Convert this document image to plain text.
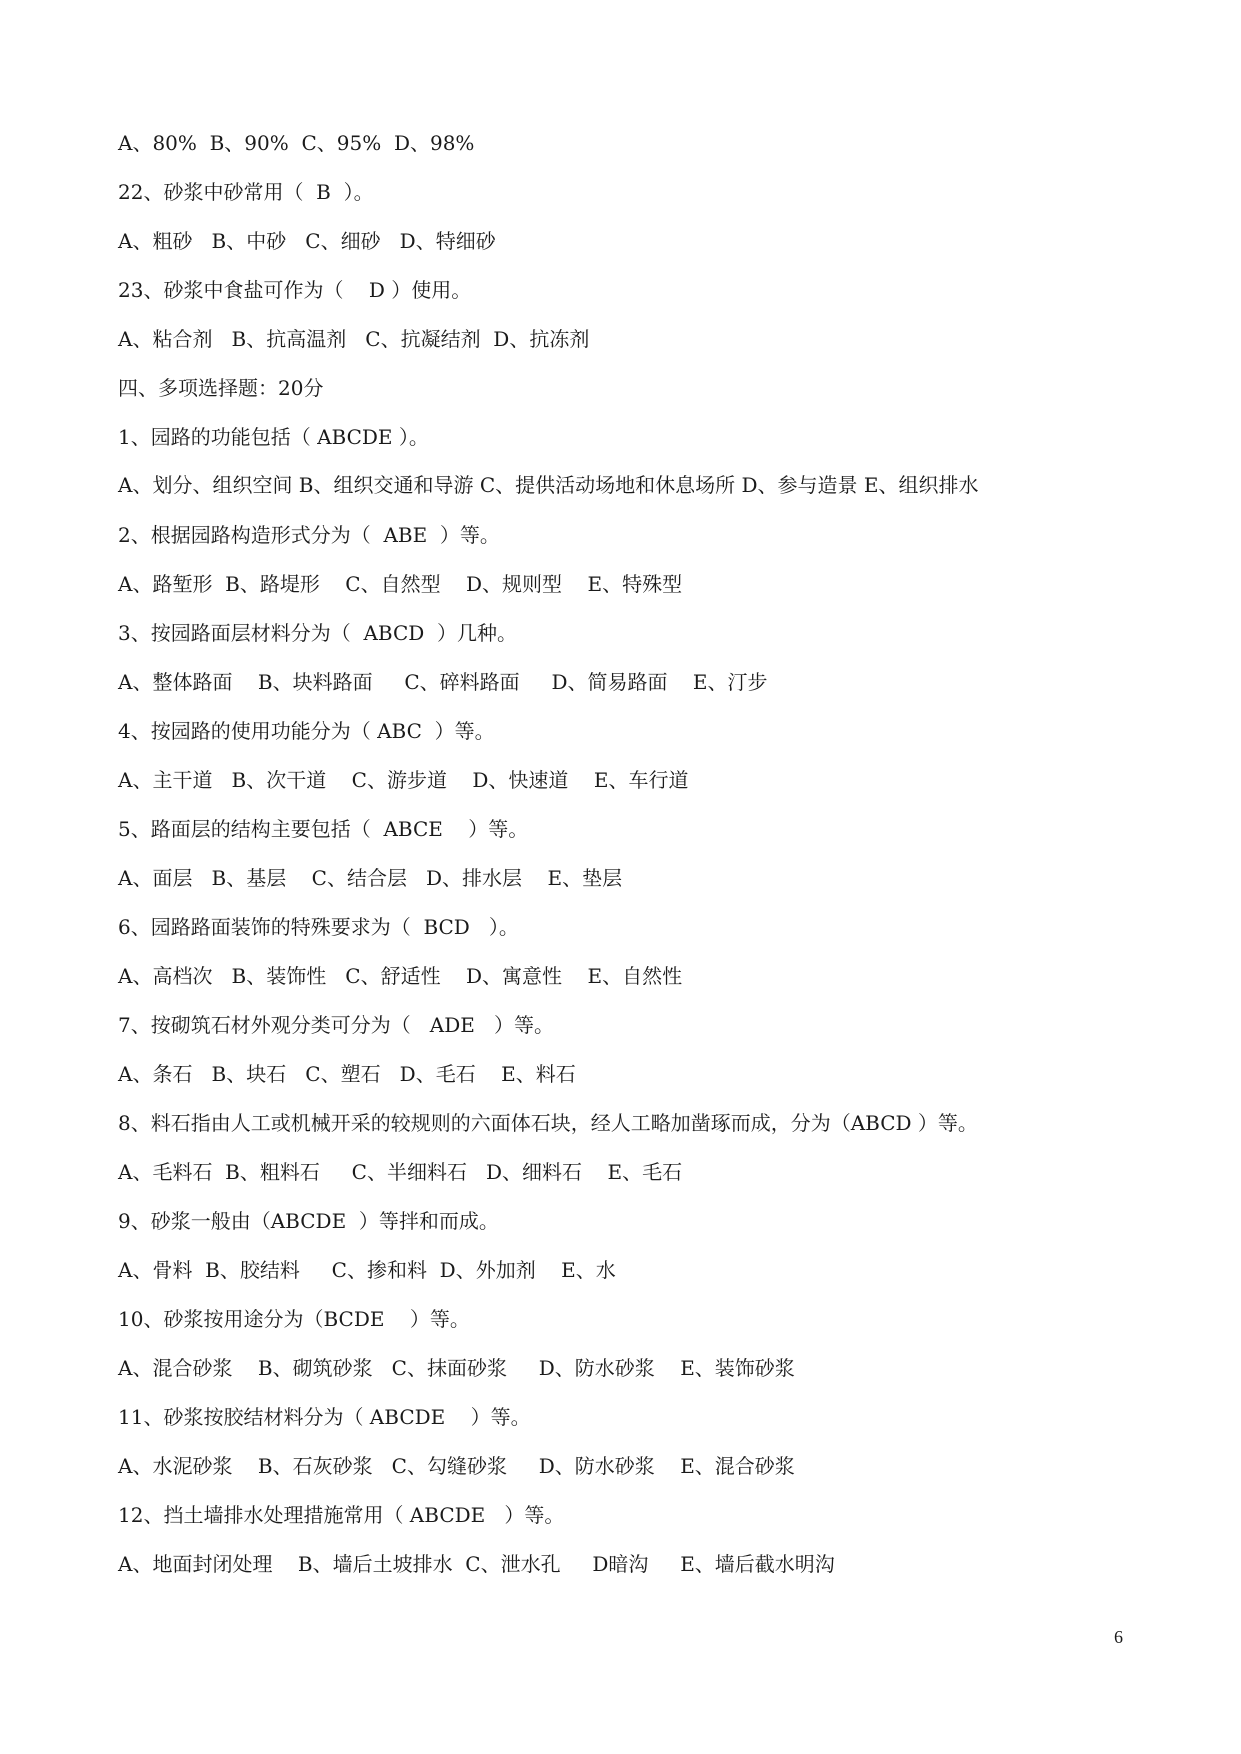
A、80%  B、90%  C、95%  D、98%
22、砂浆中砂常用（  B  ）。
A、粗砂   B、中砂   C、细砂   D、特细砂
23、砂浆中食盐可作为（    D ）使用。
A、粘合剂   B、抗高温剂   C、抗凝结剂  D、抗冻剂
四、多项选择题：20分
1、园路的功能包括（ ABCDE ）。
A、划分、组织空间 B、组织交通和导游 C、提供活动场地和休息场所 D、参与造景 E、组织排水
2、根据园路构造形式分为（  ABE  ）等。
A、路堑形  B、路堤形    C、自然型    D、规则型    E、特殊型
3、按园路面层材料分为（  ABCD  ）几种。
A、整体路面    B、块料路面     C、碎料路面     D、简易路面    E、汀步
4、按园路的使用功能分为（ ABC  ）等。
A、主干道   B、次干道    C、游步道    D、快速道    E、车行道
5、路面层的结构主要包括（  ABCE    ）等。
A、面层   B、基层    C、结合层   D、排水层    E、垫层
6、园路路面装饰的特殊要求为（  BCD   ）。
A、高档次   B、装饰性   C、舒适性    D、寓意性    E、自然性
7、按砌筑石材外观分类可分为（   ADE   ）等。
A、条石   B、块石   C、塑石   D、毛石    E、料石
8、料石指由人工或机械开采的较规则的六面体石块，经人工略加凿琢而成，分为（ABCD ）等。
A、毛料石  B、粗料石     C、半细料石   D、细料石    E、毛石
9、砂浆一般由（ABCDE  ）等拌和而成。
A、骨料  B、胶结料     C、掺和料  D、外加剂    E、水
10、砂浆按用途分为（BCDE    ）等。
A、混合砂浆    B、砌筑砂浆   C、抹面砂浆     D、防水砂浆    E、装饰砂浆
11、砂浆按胶结材料分为（ ABCDE    ）等。
A、水泥砂浆    B、石灰砂浆   C、勾缝砂浆     D、防水砂浆    E、混合砂浆
12、挡土墙排水处理措施常用（ ABCDE   ）等。
A、地面封闭处理    B、墙后土坡排水  C、泄水孔     D暗沟     E、墙后截水明沟
6
